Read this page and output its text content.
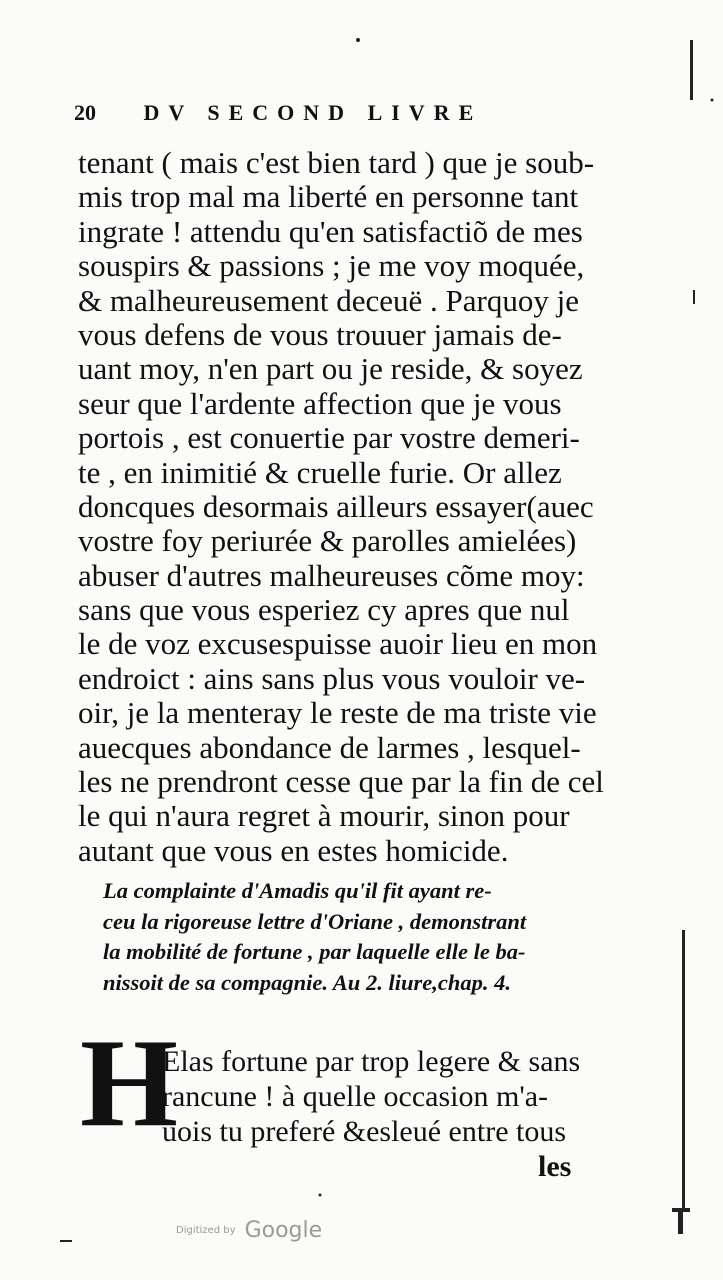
20 DV SECOND LIVRE
tenant ( mais c'est bien tard ) que je soub-
mis trop mal ma liberté en personne tant
ingrate ! attendu qu'en satisfactiõ de mes
souspirs & passions ; je me voy moquée,
& malheureusement deceuë . Parquoy je
vous defens de vous trouuer jamais de-
uant moy, n'en part ou je reside, & soyez
seur que l'ardente affection que je vous
portois , est conuertie par vostre demeri-
te , en inimitié & cruelle furie. Or allez
doncques desormais ailleurs essayer(auec
vostre foy periurée & parolles amielées)
abuser d'autres malheureuses cõme moy:
sans que vous esperiez cy apres que nul
le de voz excusespuisse auoir lieu en mon
endroict : ains sans plus vous vouloir ve-
oir, je la menteray le reste de ma triste vie
auecques abondance de larmes , lesquel-
les ne prendront cesse que par la fin de cel
le qui n'aura regret à mourir, sinon pour
autant que vous en estes homicide.
La complainte d'Amadis qu'il fit ayant re-
ceu la rigoreuse lettre d'Oriane , demonstrant
la mobilité de fortune , par laquelle elle le ba-
nissoit de sa compagnie. Au 2. liure,chap. 4.
H
Elas fortune par trop legere & sans
rancune ! à quelle occasion m'a-
uois tu preferé &esleué entre tous
les
Digitized by Google
